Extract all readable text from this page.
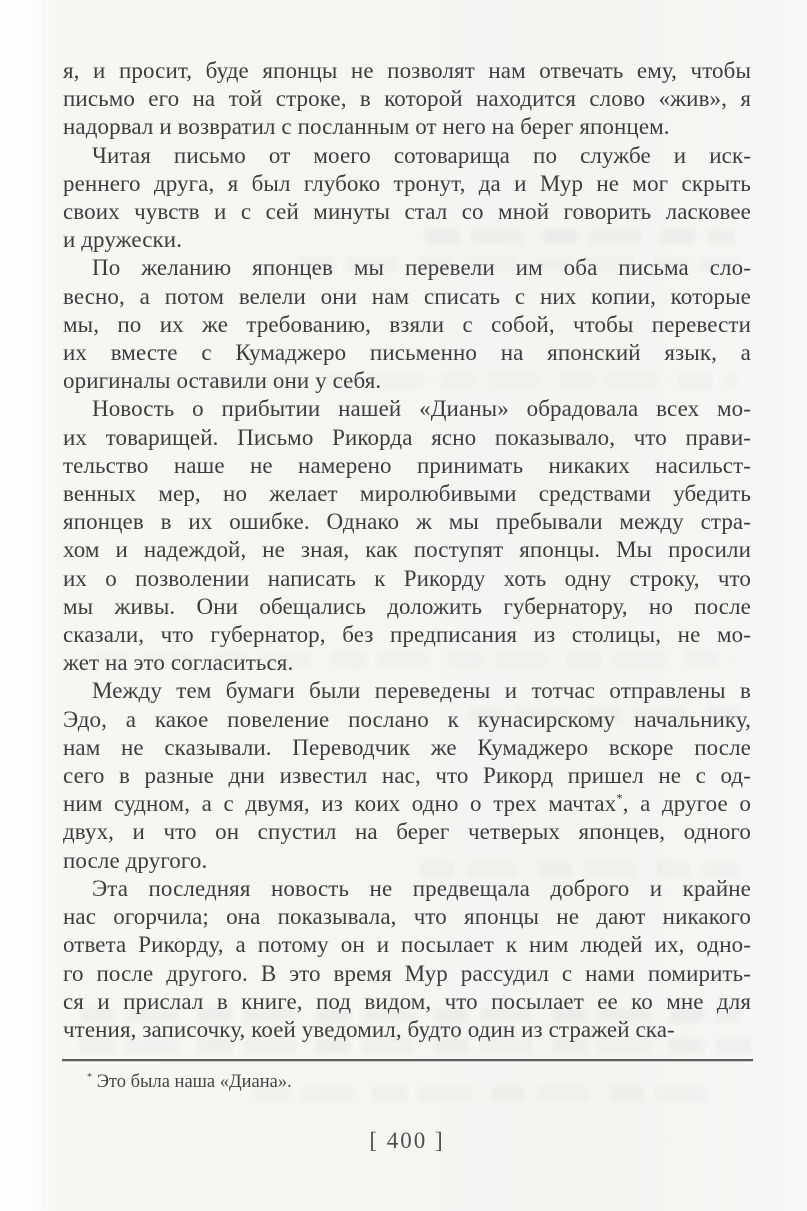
я, и просит, буде японцы не позволят нам отвечать ему, чтобы
письмо его на той строке, в которой находится слово «жив», я
надорвал и возвратил с посланным от него на берег японцем.
Читая письмо от моего сотоварища по службе и иск-
реннего друга, я был глубоко тронут, да и Мур не мог скрыть
своих чувств и с сей минуты стал со мной говорить ласковее
и дружески.
По желанию японцев мы перевели им оба письма сло-
весно, а потом велели они нам списать с них копии, которые
мы, по их же требованию, взяли с собой, чтобы перевести
их вместе с Кумаджеро письменно на японский язык, а
оригиналы оставили они у себя.
Новость о прибытии нашей «Дианы» обрадовала всех мо-
их товарищей. Письмо Рикорда ясно показывало, что прави-
тельство наше не намерено принимать никаких насильст-
венных мер, но желает миролюбивыми средствами убедить
японцев в их ошибке. Однако ж мы пребывали между стра-
хом и надеждой, не зная, как поступят японцы. Мы просили
их о позволении написать к Рикорду хоть одну строку, что
мы живы. Они обещались доложить губернатору, но после
сказали, что губернатор, без предписания из столицы, не мо-
жет на это согласиться.
Между тем бумаги были переведены и тотчас отправлены в
Эдо, а какое повеление послано к кунасирскому начальнику,
нам не сказывали. Переводчик же Кумаджеро вскоре после
сего в разные дни известил нас, что Рикорд пришел не с од-
ним судном, а с двумя, из коих одно о трех мачтах*, а другое о
двух, и что он спустил на берег четверых японцев, одного
после другого.
Эта последняя новость не предвещала доброго и крайне
нас огорчила; она показывала, что японцы не дают никакого
ответа Рикорду, а потому он и посылает к ним людей их, одно-
го после другого. В это время Мур рассудил с нами помирить-
ся и прислал в книге, под видом, что посылает ее ко мне для
чтения, записочку, коей уведомил, будто один из стражей ска-
* Это была наша «Диана».
[ 400 ]
